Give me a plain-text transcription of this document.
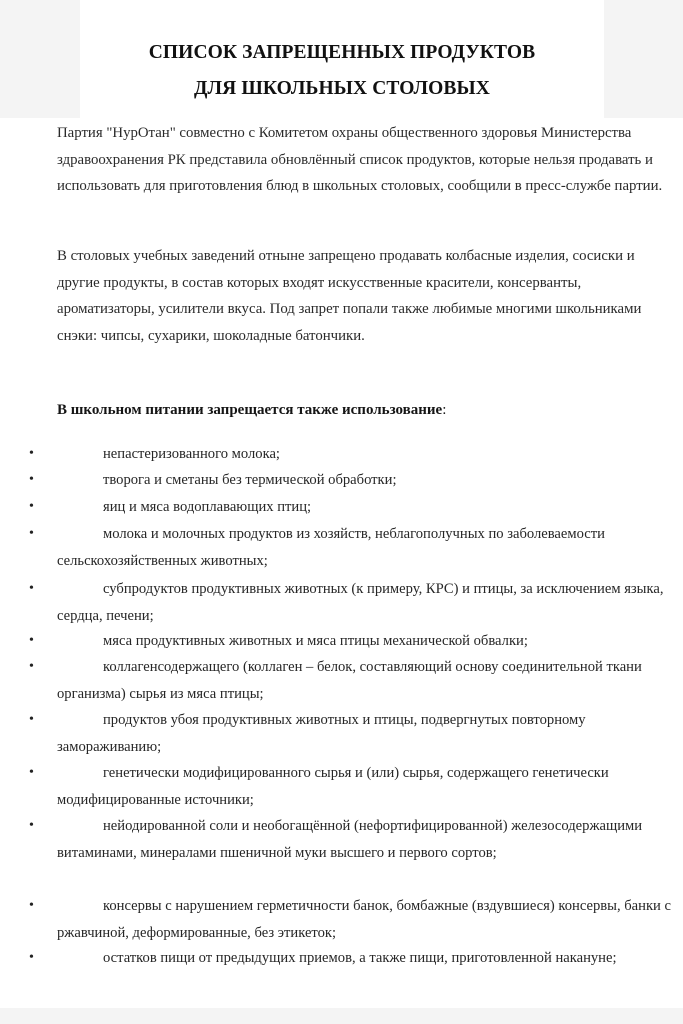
СПИСОК ЗАПРЕЩЕННЫХ ПРОДУКТОВ
ДЛЯ ШКОЛЬНЫХ СТОЛОВЫХ
Партия "НурОтан" совместно с Комитетом охраны общественного здоровья Министерства здравоохранения РК представила обновлённый список продуктов, которые нельзя продавать и использовать для приготовления блюд в школьных столовых, сообщили в пресс-службе партии.
В столовых учебных заведений отныне запрещено продавать колбасные изделия, сосиски и другие продукты, в состав которых входят искусственные красители, консерванты, ароматизаторы, усилители вкуса. Под запрет попали также любимые многими школьниками снэки: чипсы, сухарики, шоколадные батончики.
В школьном питании запрещается также использование:
•	непастеризованного молока;
•	творога и сметаны без термической обработки;
•	яиц и мяса водоплавающих птиц;
•	молока и молочных продуктов из хозяйств, неблагополучных по заболеваемости сельскохозяйственных животных;
•	субпродуктов продуктивных животных (к примеру, КРС) и птицы, за исключением языка, сердца, печени;
•	мяса продуктивных животных и мяса птицы механической обвалки;
•	коллагенсодержащего (коллаген – белок, составляющий основу соединительной ткани организма) сырья из мяса птицы;
•	продуктов убоя продуктивных животных и птицы, подвергнутых повторному замораживанию;
•	генетически модифицированного сырья и (или) сырья, содержащего генетически модифицированные источники;
•	нейодированной соли и необогащённой (нефортифицированной) железосодержащими витаминами, минералами пшеничной муки высшего и первого сортов;
•	консервы с нарушением герметичности банок, бомбажные (вздувшиеся) консервы, банки с ржавчиной, деформированные, без этикеток;
•	остатков пищи от предыдущих приемов, а также пищи, приготовленной накануне;
